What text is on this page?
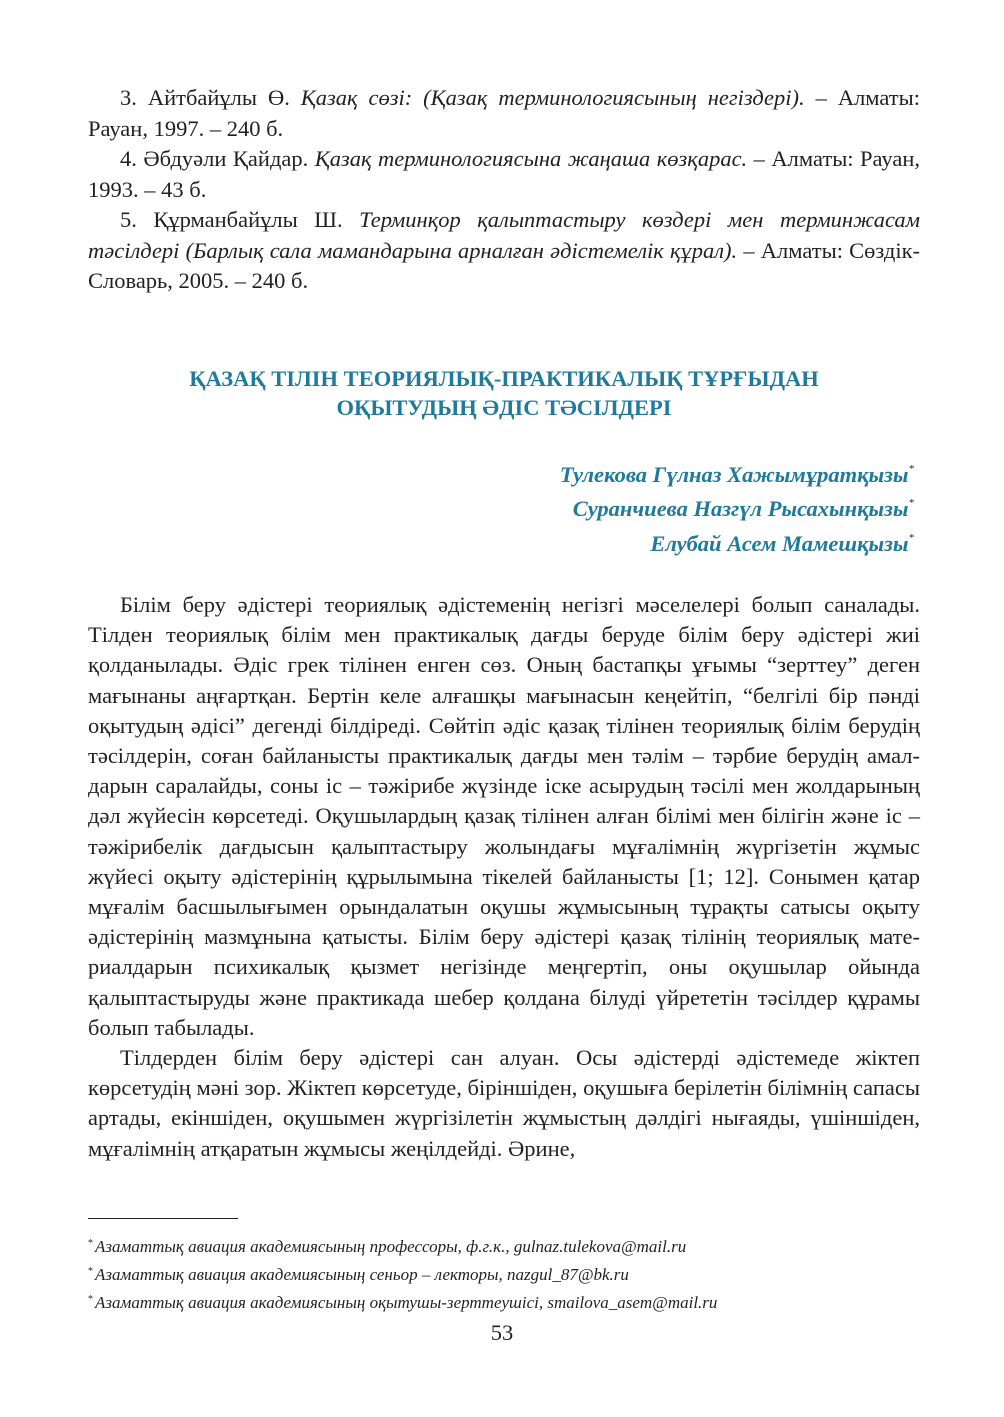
3. Айтбайұлы Ө. Қазақ сөзі: (Қазақ терминологиясының негіздері). – Алматы: Рауан, 1997. – 240 б.

4. Әбдуәли Қайдар. Қазақ терминологиясына жаңаша көзқарас. – Алматы: Рауан, 1993. – 43 б.

5. Құрманбайұлы Ш. Терминқор қалыптастыру көздері мен терминжасам тәсілдері (Барлық сала мамандарына арналған әдістемелік құрал). – Алматы: Сөздік-Словарь, 2005. – 240 б.

ҚАЗАҚ ТІЛІН ТЕОРИЯЛЫҚ-ПРАКТИКАЛЫҚ ТҰРҒЫДАН
ОҚЫТУДЫҢ ӘДІС ТӘСІЛДЕРІ
Тулекова Гүлназ Хажымұратқызы*
Суранчиева Назгүл Рысахынқызы*
Елубай Асем Мамешқызы*

Білім беру әдістері теориялық әдістеменің негізгі мәселелері болып саналады. Тілден теориялық білім мен практикалық дағды беруде білім беру әдістері жиі қолданылады. Әдіс грек тілінен енген сөз. Оның бастапқы ұғымы “зерттеу” деген мағынаны аңғартқан. Бертін келе алғашқы мағынасын кеңейтіп, “белгілі бір пәнді оқытудың әдісі” дегенді білдіреді. Сөйтіп әдіс қазақ тілінен теориялық білім берудің тәсілдерін, соған байланысты практикалық дағды мен тәлім – тәрбие берудің амалдарын саралайды, соны іс – тәжірибе жүзінде іске асырудың тәсілі мен жолдарының дәл жүйесін көрсетеді. Оқушылардың қазақ тілінен алған білімі мен білігін және іс – тәжірибелік дағдысын қалыптастыру жолындағы мұғалімнің жүргізетін жұмыс жүйесі оқыту әдістерінің құрылымына тікелей байланысты [1; 12]. Сонымен қатар мұғалім басшылығымен орындалатын оқушы жұмысының тұрақты сатысы оқыту әдістерінің мазмұнына қатысты. Білім беру әдістері қазақ тілінің теориялық материалдарын психикалық қызмет негізінде меңгертіп, оны оқушылар ойында қалыптастыруды және практикада шебер қолдана білуді үйрететін тәсілдер құрамы болып табылады.

Тілдерден білім беру әдістері сан алуан. Осы әдістерді әдістемеде жіктеп көрсетудің мәні зор. Жіктеп көрсетуде, біріншіден, оқушыға берілетін білімнің сапасы артады, екіншіден, оқушымен жүргізілетін жұмыстың дәлдігі нығаяды, үшіншіден, мұғалімнің атқаратын жұмысы жеңілдейді. Әрине,

* Азаматтық авиация академиясының профессоры, ф.г.к., gulnaz.tulekova@mail.ru
* Азаматтық авиация академиясының сеньор – лекторы, nazgul_87@bk.ru
* Азаматтық авиация академиясының оқытушы-зерттеушісі, smailova_asem@mail.ru
53
